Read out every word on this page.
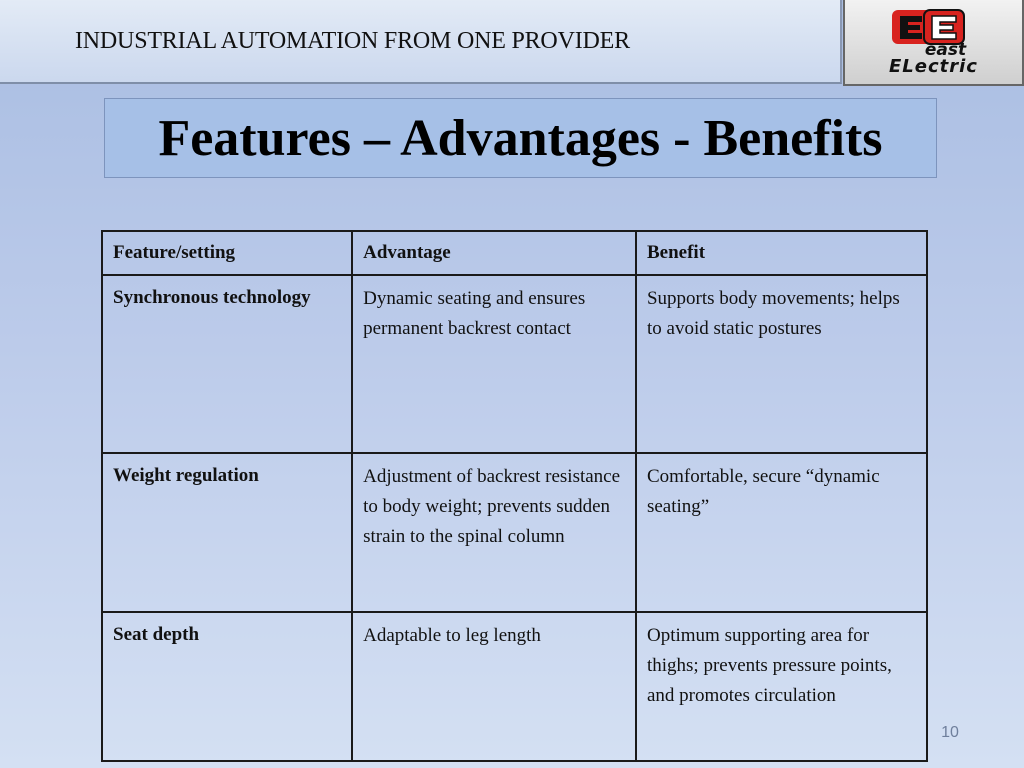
INDUSTRIAL AUTOMATION FROM ONE PROVIDER	east
ELectric
Features – Advantages - Benefits
Feature/setting	Advantage	Benefit
Synchronous technology	Dynamic seating and ensures permanent backrest contact	Supports body movements; helps to avoid static postures
Weight regulation	Adjustment of backrest resistance to body weight; prevents sudden strain to the spinal column	Comfortable, secure “dynamic seating”
Seat depth	Adaptable to leg length	Optimum supporting area for thighs; prevents pressure points, and promotes circulation
10
